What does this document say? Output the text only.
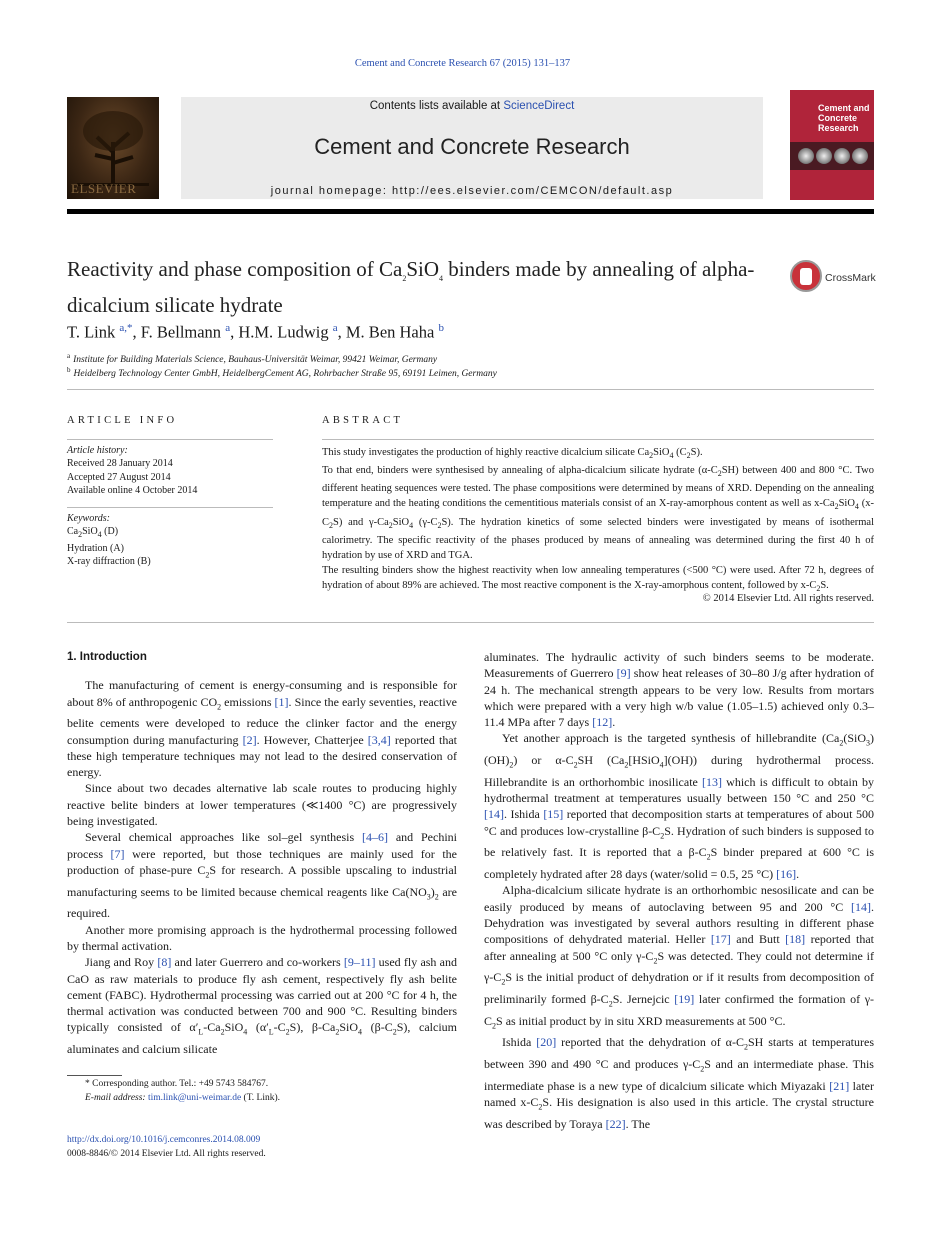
Cement and Concrete Research 67 (2015) 131–137
ELSEVIER
Contents lists available at ScienceDirect
Cement and Concrete Research
journal homepage: http://ees.elsevier.com/CEMCON/default.asp
Cement and
Concrete
Research
Reactivity and phase composition of $Ca_2SiO_4$ binders made by annealing of alpha-dicalcium silicate hydrate
CrossMark
T. Link $^{a,*}$, F. Bellmann $^a$, H.M. Ludwig $^a$, M. Ben Haha $^b$
$^a$ Institute for Building Materials Science, Bauhaus-Universität Weimar, 99421 Weimar, Germany
$^b$ Heidelberg Technology Center GmbH, HeidelbergCement AG, Rohrbacher Straße 95, 69191 Leimen, Germany
ARTICLE INFO
Article history:
Received 28 January 2014
Accepted 27 August 2014
Available online 4 October 2014
Keywords:
$Ca_2SiO_4$ (D)
Hydration (A)
X-ray diffraction (B)
ABSTRACT

This study investigates the production of highly reactive dicalcium silicate $Ca_2SiO_4$ $(C_2S)$.

To that end, binders were synthesised by annealing of alpha-dicalcium silicate hydrate $(\alpha-C_2SH)$ between 400 and 800 °C. Two different heating sequences were tested. The phase compositions were determined by means of XRD. Depending on the annealing temperature and the heating conditions the cementitious materials consist of an X-ray-amorphous content as well as $x-Ca_2SiO_4$ $(x-C_2S)$ and $\gamma-Ca_2SiO_4$ $(\gamma-C_2S)$. The hydration kinetics of some selected binders were investigated by means of isothermal calorimetry. The specific reactivity of the phases produced by means of annealing was determined during the first 40 h of hydration by use of XRD and TGA.

The resulting binders show the highest reactivity when low annealing temperatures (<500 °C) were used. After 72 h, degrees of hydration of about 89% are achieved. The most reactive component is the X-ray-amorphous content, followed by $x-C_2S$.

© 2014 Elsevier Ltd. All rights reserved.
1. Introduction

The manufacturing of cement is energy-consuming and is responsible for about 8% of anthropogenic $CO_2$ emissions [1]. Since the early seventies, reactive belite cements were developed to reduce the clinker factor and the energy consumption during manufacturing [2]. However, Chatterjee [3,4] reported that these high temperature techniques may not lead to the desired conservation of energy.

Since about two decades alternative lab scale routes to producing highly reactive belite binders at lower temperatures (≪1400 °C) are progressively being investigated.

Several chemical approaches like sol–gel synthesis [4–6] and Pechini process [7] were reported, but those techniques are mainly used for the production of phase-pure $C_2S$ for research. A possible upscaling to industrial manufacturing seems to be limited because chemical reagents like $Ca(NO_3)_2$ are required.

Another more promising approach is the hydrothermal processing followed by thermal activation.

Jiang and Roy [8] and later Guerrero and co-workers [9–11] used fly ash and CaO as raw materials to produce fly ash cement, respectively fly ash belite cement (FABC). Hydrothermal processing was carried out at 200 °C for 4 h, the thermal activation was conducted between 700 and 900 °C. Resulting binders typically consisted of $\alpha'_L-Ca_2SiO_4$ $(\alpha'_L-C_2S)$, $\beta-Ca_2SiO_4$ $(\beta-C_2S)$, calcium aluminates and calcium silicate

* Corresponding author. Tel.: +49 5743 584767.
E-mail address: tim.link@uni-weimar.de (T. Link).
http://dx.doi.org/10.1016/j.cemconres.2014.08.009
0008-8846/© 2014 Elsevier Ltd. All rights reserved.

aluminates. The hydraulic activity of such binders seems to be moderate. Measurements of Guerrero [9] show heat releases of 30–80 J/g after hydration of 24 h. The mechanical strength appears to be very low. Results from mortars which were prepared with a very high w/b value (1.05–1.5) achieved only 0.3–11.4 MPa after 7 days [12].

Yet another approach is the targeted synthesis of hillebrandite $(Ca_2(SiO_3)(OH)_2)$ or $\alpha-C_2SH$ $(Ca_2[HSiO_4](OH))$ during hydrothermal process. Hillebrandite is an orthorhombic inosilicate [13] which is difficult to obtain by hydrothermal treatment at temperatures usually between 150 °C and 250 °C [14]. Ishida [15] reported that decomposition starts at temperatures of about 500 °C and produces low-crystalline $\beta-C_2S$. Hydration of such binders is supposed to be relatively fast. It is reported that a $\beta-C_2S$ binder prepared at 600 °C is completely hydrated after 28 days (water/solid = 0.5, 25 °C) [16].

Alpha-dicalcium silicate hydrate is an orthorhombic nesosilicate and can be easily produced by means of autoclaving between 95 and 200 °C [14]. Dehydration was investigated by several authors resulting in different phase compositions of dehydrated material. Heller [17] and Butt [18] reported that after annealing at 500 °C only $\gamma-C_2S$ was detected. They could not determine if $\gamma-C_2S$ is the initial product of dehydration or if it results from decomposition of preliminarily formed $\beta-C_2S$. Jernejcic [19] later confirmed the formation of $\gamma-C_2S$ as initial product by in situ XRD measurements at 500 °C.

Ishida [20] reported that the dehydration of $\alpha-C_2SH$ starts at temperatures between 390 and 490 °C and produces $\gamma-C_2S$ and an intermediate phase. This intermediate phase is a new type of dicalcium silicate which Miyazaki [21] later named $x-C_2S$. His designation is also used in this article. The crystal structure was described by Toraya [22]. The
